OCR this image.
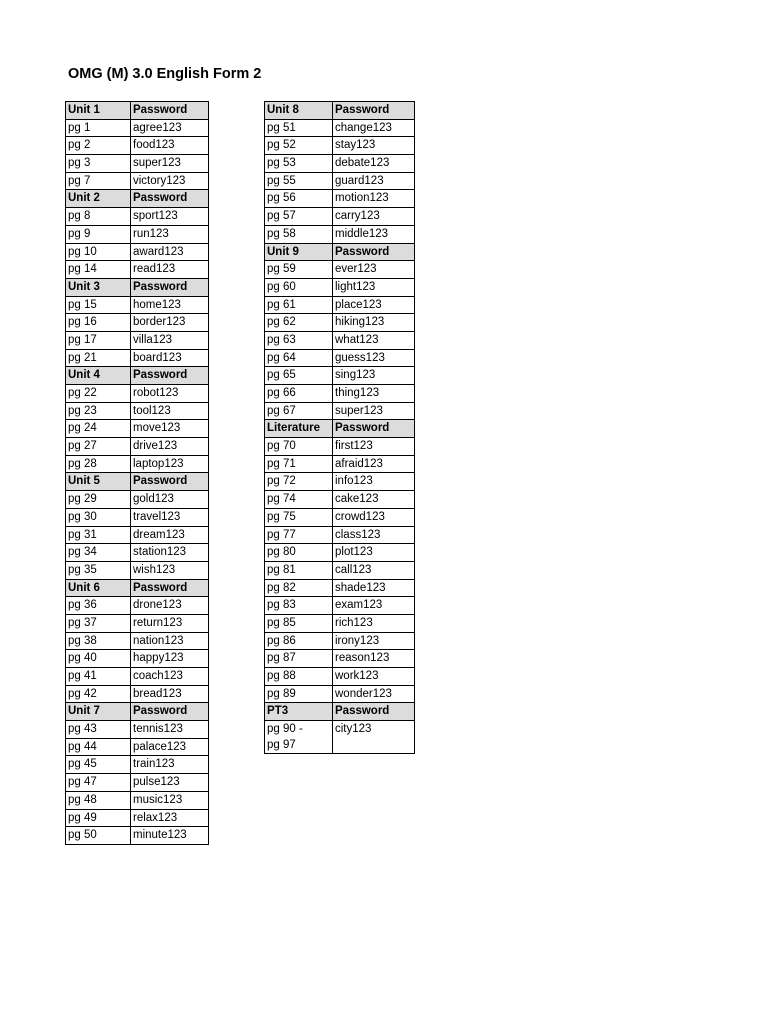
OMG (M) 3.0 English Form 2
Unit 1	Password
pg 1	agree123
pg 2	food123
pg 3	super123
pg 7	victory123
Unit 2	Password
pg 8	sport123
pg 9	run123
pg 10	award123
pg 14	read123
Unit 3	Password
pg 15	home123
pg 16	border123
pg 17	villa123
pg 21	board123
Unit 4	Password
pg 22	robot123
pg 23	tool123
pg 24	move123
pg 27	drive123
pg 28	laptop123
Unit 5	Password
pg 29	gold123
pg 30	travel123
pg 31	dream123
pg 34	station123
pg 35	wish123
Unit 6	Password
pg 36	drone123
pg 37	return123
pg 38	nation123
pg 40	happy123
pg 41	coach123
pg 42	bread123
Unit 7	Password
pg 43	tennis123
pg 44	palace123
pg 45	train123
pg 47	pulse123
pg 48	music123
pg 49	relax123
pg 50	minute123
Unit 8	Password
pg 51	change123
pg 52	stay123
pg 53	debate123
pg 55	guard123
pg 56	motion123
pg 57	carry123
pg 58	middle123
Unit 9	Password
pg 59	ever123
pg 60	light123
pg 61	place123
pg 62	hiking123
pg 63	what123
pg 64	guess123
pg 65	sing123
pg 66	thing123
pg 67	super123
Literature	Password
pg 70	first123
pg 71	afraid123
pg 72	info123
pg 74	cake123
pg 75	crowd123
pg 77	class123
pg 80	plot123
pg 81	call123
pg 82	shade123
pg 83	exam123
pg 85	rich123
pg 86	irony123
pg 87	reason123
pg 88	work123
pg 89	wonder123
PT3	Password
pg 90 -
pg 97	city123
